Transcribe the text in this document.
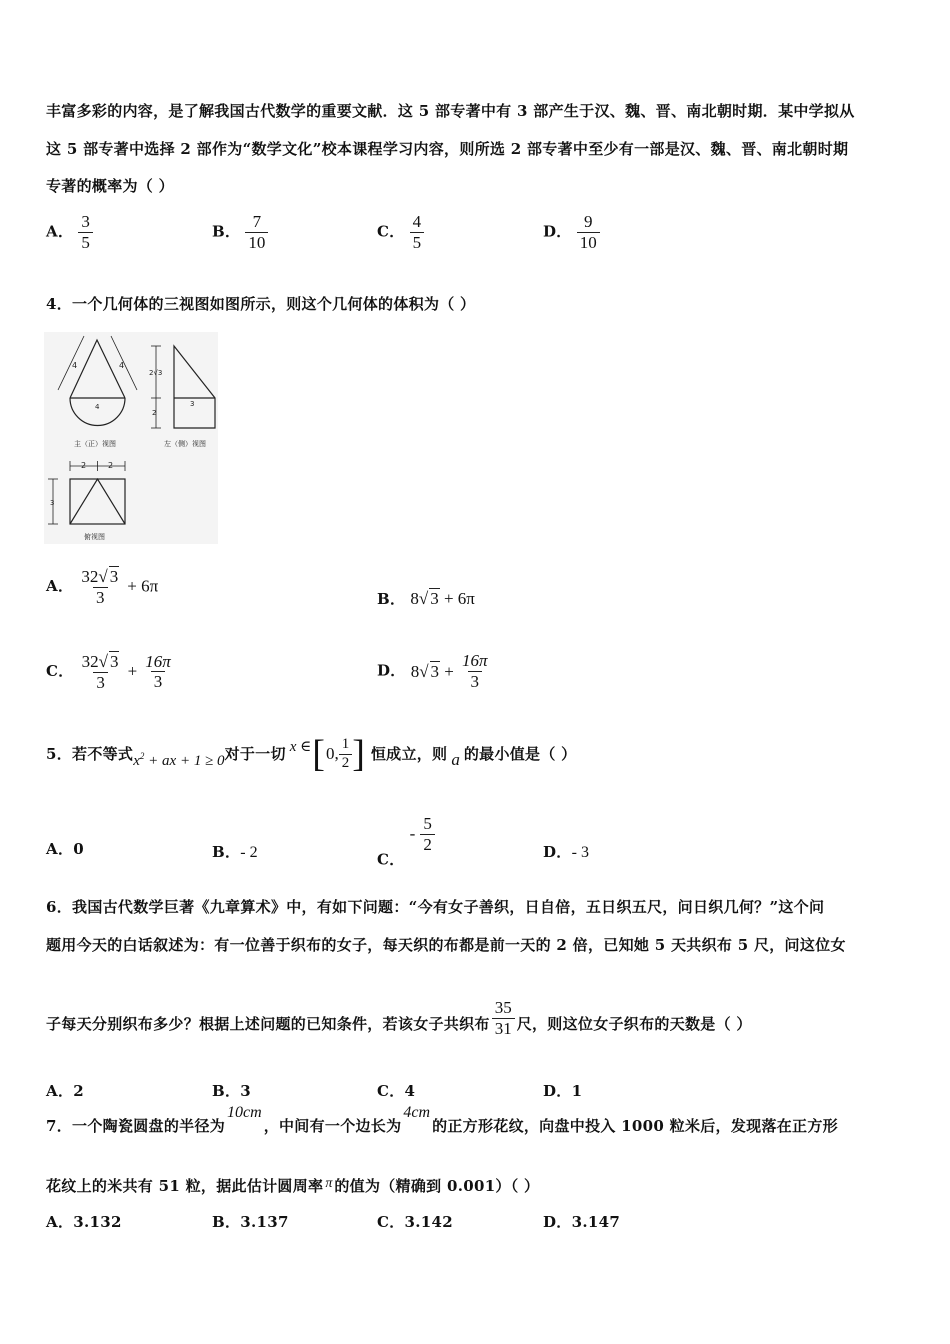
丰富多彩的内容，是了解我国古代数学的重要文献．这 5 部专著中有 3 部产生于汉、魏、晋、南北朝时期．某中学拟从
这 5 部专著中选择 2 部作为“数学文化”校本课程学习内容，则所选 2 部专著中至少有一部是汉、魏、晋、南北朝时期
专著的概率为（ ）
A． $\frac{3}{5}$	B． $\frac{7}{10}$	C． $\frac{4}{5}$	D． $\frac{9}{10}$
4．一个几何体的三视图如图所示，则这个几何体的体积为（ ）
4	4
4
主（正）视图
2√3
2
3
左（侧）视图
2	2
3
俯视图
A． $\frac{32√ 3}{3} + 6\pi$
B． 8√ 3 + 6π
C． $\frac{32√ 3}{3} + \frac{16\pi}{3}$	D． 8√ $3 + \frac{16\pi}{3}$
5．若不等式 $x^2$ + ax + 1 ≥ 0 对于一切 x ∈ [ 0, $\frac{1}{2}$ ] 恒成立，则 a 的最小值是（ ）
A．0	B．- 2	C． - $\frac{5}{2}$	D．- 3
6．我国古代数学巨著《九章算术》中，有如下问题：“今有女子善织，日自倍，五日织五尺，问日织几何？”这个问
题用今天的白话叙述为：有一位善于织布的女子，每天织的布都是前一天的 2 倍，已知她 5 天共织布 5 尺，问这位女
子每天分别织布多少？根据上述问题的已知条件，若该女子共织布 $\frac{35}{31}$ 尺，则这位女子织布的天数是（ ）
A．2	B．3	C．4	D．1
7．一个陶瓷圆盘的半径为
10cm
，中间有一个边长为
4cm
的正方形花纹，向盘中投入 1000 粒米后，发现落在正方形
花纹上的米共有 51 粒，据此估计圆周率 π 的值为（精确到 0.001）（ ）
A．3.132	B．3.137	C．3.142	D．3.147
